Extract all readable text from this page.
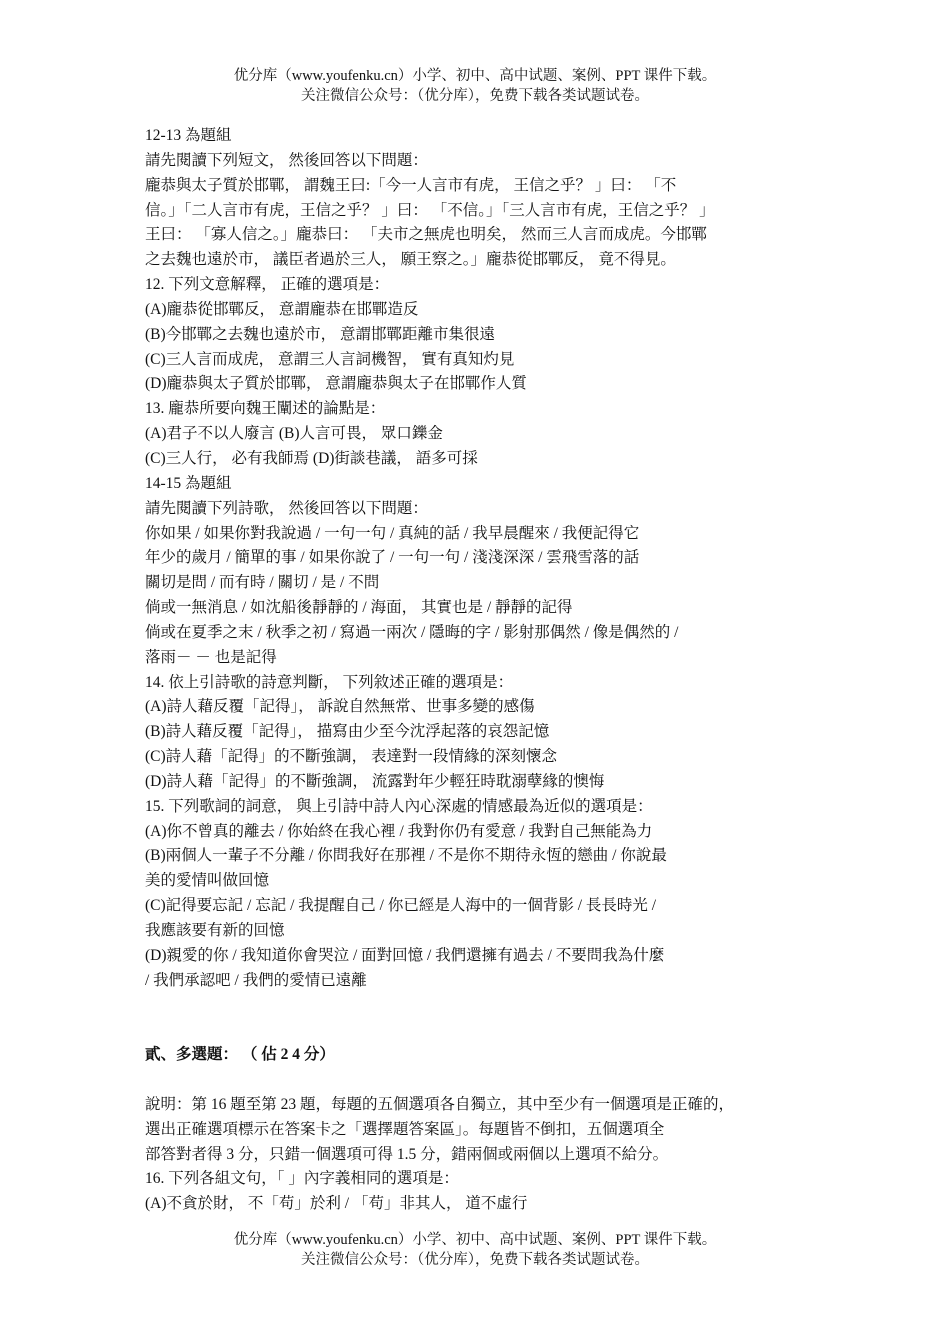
优分库（www.youfenku.cn）小学、初中、高中试题、案例、PPT 课件下载。
关注微信公众号：（优分库），免费下载各类试题试卷。
12-13 為題組
請先閱讀下列短文， 然後回答以下問題：
龐恭與太子質於邯鄲， 謂魏王曰:「今一人言市有虎， 王信之乎？ 」曰： 「不
信。」「二人言市有虎，王信之乎？ 」曰： 「不信。」「三人言市有虎，王信之乎？ 」
王曰： 「寡人信之。」龐恭曰： 「夫市之無虎也明矣， 然而三人言而成虎。今邯鄲
之去魏也遠於市， 議臣者過於三人， 願王察之。」龐恭從邯鄲反， 竟不得見。
12. 下列文意解釋， 正確的選項是：
(A)龐恭從邯鄲反， 意謂龐恭在邯鄲造反
(B)今邯鄲之去魏也遠於市， 意謂邯鄲距離市集很遠
(C)三人言而成虎， 意謂三人言詞機智， 實有真知灼見
(D)龐恭與太子質於邯鄲， 意謂龐恭與太子在邯鄲作人質
13. 龐恭所要向魏王闡述的論點是：
(A)君子不以人廢言 (B)人言可畏， 眾口鑠金
(C)三人行， 必有我師焉 (D)街談巷議， 語多可採
14-15 為題組
請先閱讀下列詩歌， 然後回答以下問題：
你如果 / 如果你對我說過 / 一句一句 / 真純的話 / 我早晨醒來 / 我便記得它
年少的歲月 / 簡單的事 / 如果你說了 / 一句一句 / 淺淺深深 / 雲飛雪落的話
關切是問 / 而有時 / 關切 / 是 / 不問
倘或一無消息 / 如沈船後靜靜的 / 海面， 其實也是 / 靜靜的記得
倘或在夏季之末 / 秋季之初 / 寫過一兩次 / 隱晦的字 / 影射那偶然 / 像是偶然的 /
落雨－ － 也是記得
14. 依上引詩歌的詩意判斷， 下列敘述正確的選項是：
(A)詩人藉反覆「記得」， 訴說自然無常、世事多變的感傷
(B)詩人藉反覆「記得」， 描寫由少至今沈浮起落的哀怨記憶
(C)詩人藉「記得」的不斷強調， 表達對一段情緣的深刻懷念
(D)詩人藉「記得」的不斷強調， 流露對年少輕狂時耽溺孽緣的懊悔
15. 下列歌詞的詞意， 與上引詩中詩人內心深處的情感最為近似的選項是：
(A)你不曾真的離去 / 你始終在我心裡 / 我對你仍有愛意 / 我對自己無能為力
(B)兩個人一輩子不分離 / 你問我好在那裡 / 不是你不期待永恆的戀曲 / 你說最
美的愛情叫做回憶
(C)記得要忘記 / 忘記 / 我提醒自己 / 你已經是人海中的一個背影 / 長長時光 /
我應該要有新的回憶
(D)親愛的你 / 我知道你會哭泣 / 面對回憶 / 我們還擁有過去 / 不要問我為什麼
/ 我們承認吧 / 我們的愛情已遠離
貳、多選題： （ 佔 2 4 分）
說明：第 16 題至第 23 題，每題的五個選項各自獨立，其中至少有一個選項是正確的，
選出正確選項標示在答案卡之「選擇題答案區」。每題皆不倒扣，五個選項全
部答對者得 3 分，只錯一個選項可得 1.5 分，錯兩個或兩個以上選項不給分。
16. 下列各組文句，「 」內字義相同的選項是：
(A)不貪於財， 不「苟」於利 / 「苟」非其人， 道不虛行
优分库（www.youfenku.cn）小学、初中、高中试题、案例、PPT 课件下载。
关注微信公众号：（优分库），免费下载各类试题试卷。
